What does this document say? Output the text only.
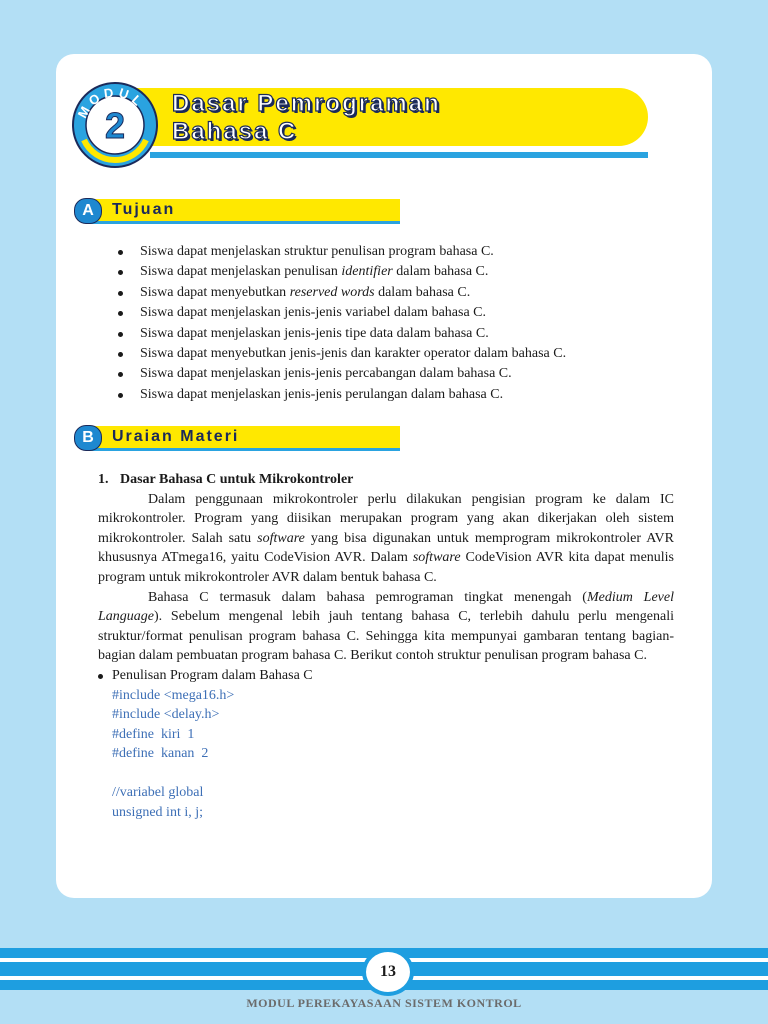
MODUL
2
Dasar Pemrograman
Bahasa C
A	Tujuan
Siswa dapat menjelaskan struktur penulisan program bahasa C.
Siswa dapat menjelaskan penulisan identifier dalam bahasa C.
Siswa dapat menyebutkan reserved words dalam bahasa C.
Siswa dapat menjelaskan jenis-jenis variabel dalam bahasa C.
Siswa dapat menjelaskan jenis-jenis tipe data dalam bahasa C.
Siswa dapat menyebutkan jenis-jenis dan karakter operator dalam bahasa C.
Siswa dapat menjelaskan jenis-jenis percabangan dalam bahasa C.
Siswa dapat menjelaskan jenis-jenis perulangan dalam bahasa C.
B	Uraian Materi
1. Dasar Bahasa C untuk Mikrokontroler

Dalam penggunaan mikrokontroler perlu dilakukan pengisian program ke dalam IC mikrokontroler. Program yang diisikan merupakan program yang akan dikerjakan oleh sistem mikrokontroler. Salah satu software yang bisa digunakan untuk memprogram mikrokontroler AVR khususnya ATmega16, yaitu CodeVision AVR. Dalam software CodeVision AVR kita dapat menulis program untuk mikrokontroler AVR dalam bentuk bahasa C.

Bahasa C termasuk dalam bahasa pemrograman tingkat menengah (Medium Level Language). Sebelum mengenal lebih jauh tentang bahasa C, terlebih dahulu perlu mengenali struktur/format penulisan program bahasa C. Sehingga kita mempunyai gambaran tentang bagian-bagian dalam pembuatan program bahasa C. Berikut contoh struktur penulisan program bahasa C.

Penulisan Program dalam Bahasa C
#include <mega16.h>
#include <delay.h>
#define  kiri  1
#define  kanan  2
//variabel global
unsigned int i, j;
13
MODUL PEREKAYASAAN SISTEM KONTROL
